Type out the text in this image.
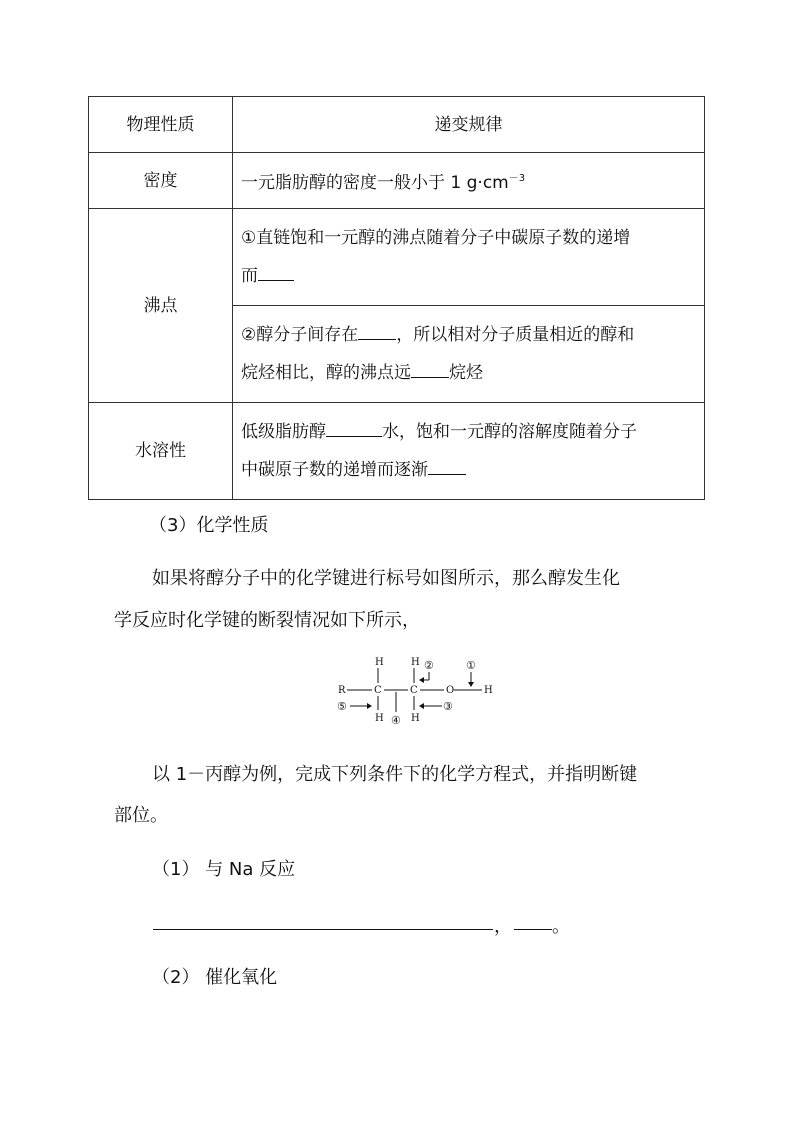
物理性质	递变规律
密度	一元脂肪醇的密度一般小于 1 $g\cdot cm^{-3}$
沸点	①直链饱和一元醇的沸点随着分子中碳原子数的递增
而

	②醇分子间存在 ，所以相对分子质量相近的醇和
烷烃相比，醇的沸点远 烷烃

水溶性	低级脂肪醇 水，饱和一元醇的溶解度随着分子
中碳原子数的递增而逐渐
（3）化学性质
如果将醇分子中的化学键进行标号如图所示，那么醇发生化
学反应时化学键的断裂情况如下所示，
R	C
H
H
C
H
H
O	H
①
②
③
④
⑤
以 1－丙醇为例，完成下列条件下的化学方程式，并指明断键
部位。
（1） 与 Na 反应
， 。
（2） 催化氧化
